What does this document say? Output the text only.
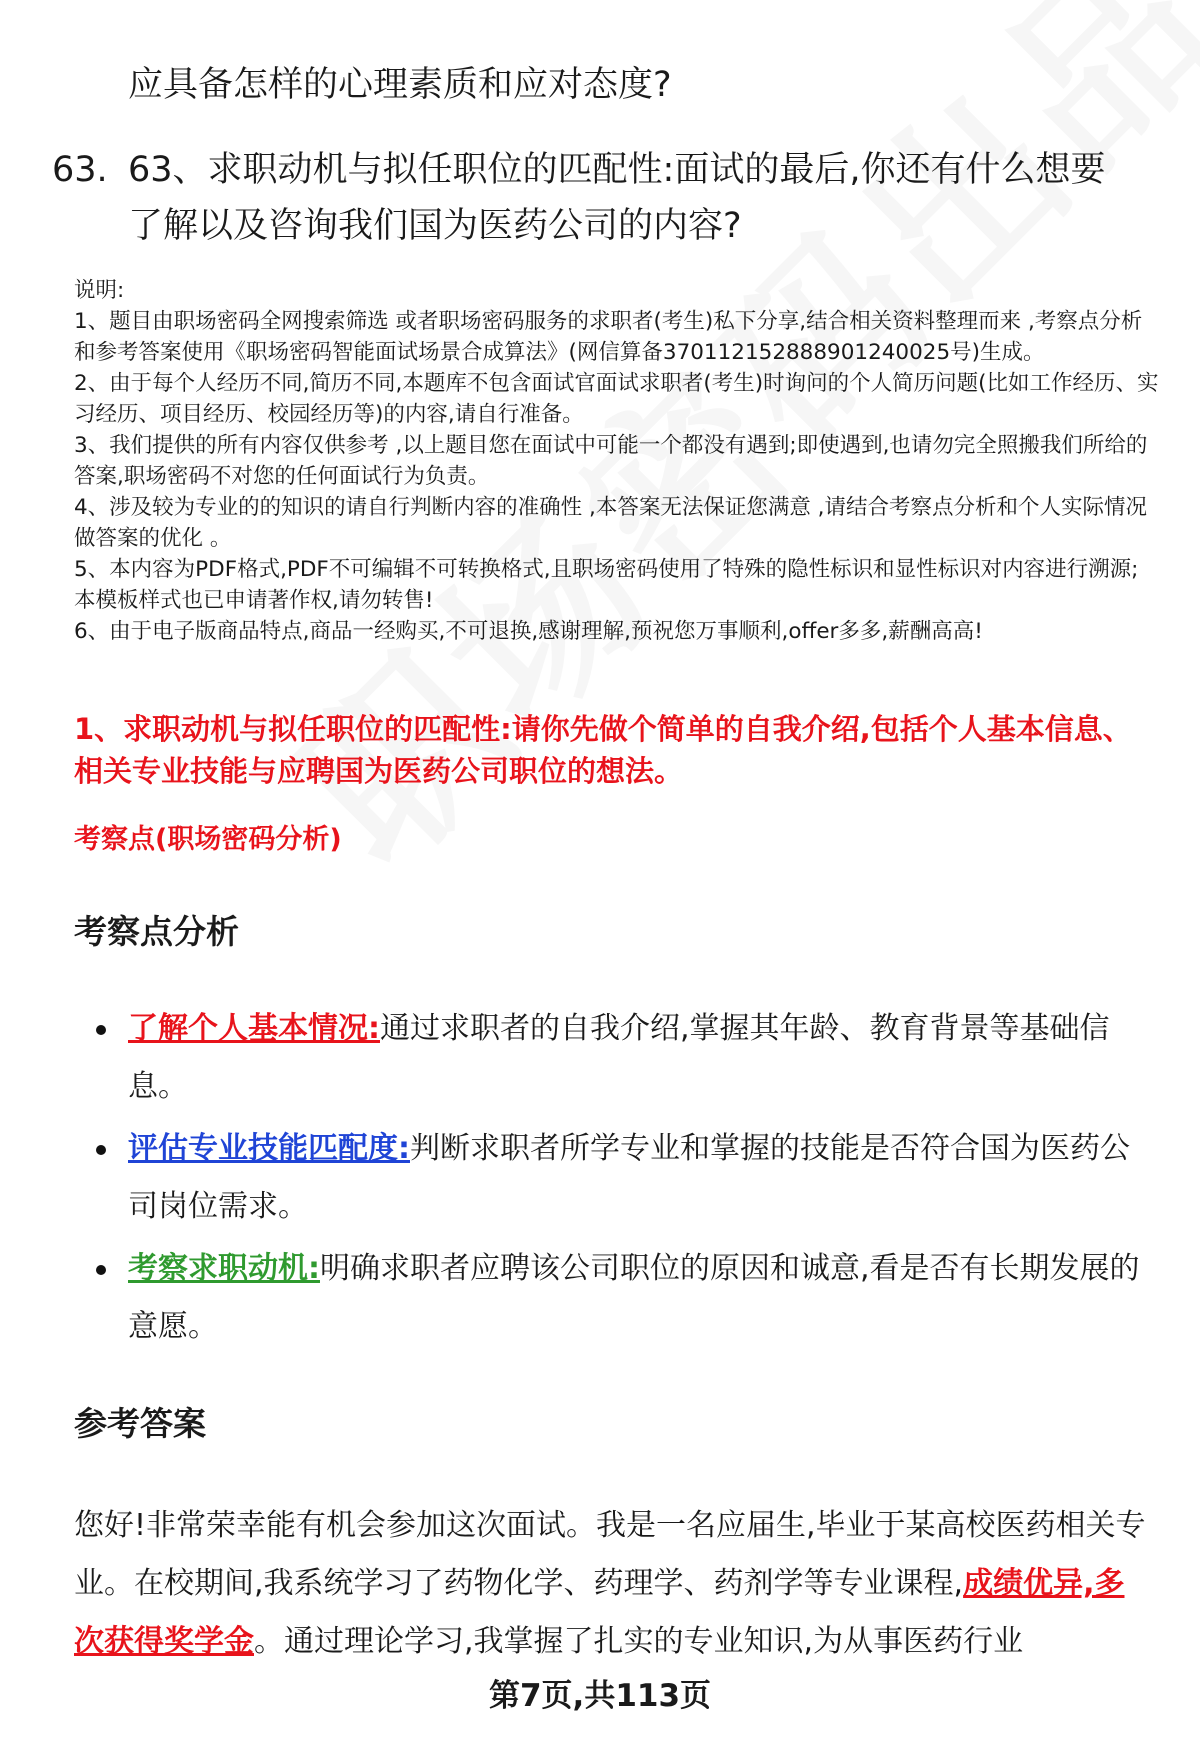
应具备怎样的心理素质和应对态度?
63. 63、求职动机与拟任职位的匹配性:面试的最后,你还有什么想要了解以及咨询我们国为医药公司的内容?

说明:

1、题目由职场密码全网搜索筛选 或者职场密码服务的求职者(考生)私下分享,结合相关资料整理而来 ,考察点分析和参考答案使用《职场密码智能面试场景合成算法》(网信算备370112152888901240025号)生成。

2、由于每个人经历不同,简历不同,本题库不包含面试官面试求职者(考生)时询问的个人简历问题(比如工作经历、实习经历、项目经历、校园经历等)的内容,请自行准备。

3、我们提供的所有内容仅供参考 ,以上题目您在面试中可能一个都没有遇到;即使遇到,也请勿完全照搬我们所给的答案,职场密码不对您的任何面试行为负责。

4、涉及较为专业的的知识的请自行判断内容的准确性 ,本答案无法保证您满意 ,请结合考察点分析和个人实际情况做答案的优化 。

5、本内容为PDF格式,PDF不可编辑不可转换格式,且职场密码使用了特殊的隐性标识和显性标识对内容进行溯源;本模板样式也已申请著作权,请勿转售!

6、由于电子版商品特点,商品一经购买,不可退换,感谢理解,预祝您万事顺利,offer多多,薪酬高高!

1、求职动机与拟任职位的匹配性:请你先做个简单的自我介绍,包括个人基本信息、相关专业技能与应聘国为医药公司职位的想法。
考察点(职场密码分析)
考察点分析
了解个人基本情况:通过求职者的自我介绍,掌握其年龄、教育背景等基础信息。
评估专业技能匹配度:判断求职者所学专业和掌握的技能是否符合国为医药公司岗位需求。
考察求职动机:明确求职者应聘该公司职位的原因和诚意,看是否有长期发展的意愿。
参考答案
您好!非常荣幸能有机会参加这次面试。我是一名应届生,毕业于某高校医药相关专业。在校期间,我系统学习了药物化学、药理学、药剂学等专业课程,成绩优异,多次获得奖学金。通过理论学习,我掌握了扎实的专业知识,为从事医药行业
第7页,共113页
